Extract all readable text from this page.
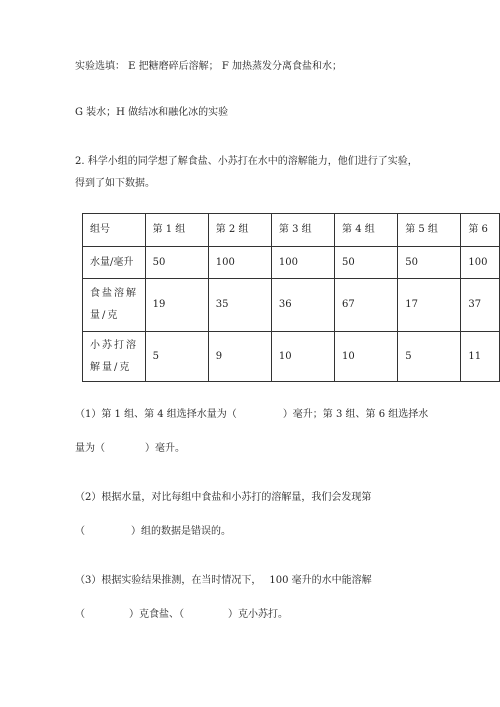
实验选填： E 把糖磨碎后溶解； F 加热蒸发分离食盐和水；
G 装水；H 做结冰和融化冰的实验
2. 科学小组的同学想了解食盐、小苏打在水中的溶解能力，他们进行了实验，
得到了如下数据。
组号	第 1 组	第 2 组	第 3 组	第 4 组	第 5 组	第 6
水量/毫升	50	100	100	50	50	100
食盐溶解量/克	19	35	36	67	17	37
小苏打溶解量/克	5	9	10	10	5	11
（1）第 1 组、第 4 组选择水量为（	）毫升；第 3 组、第 6 组选择水
量为（	）毫升。
（2）根据水量，对比每组中食盐和小苏打的溶解量，我们会发现第
（	）组的数据是错误的。
（3）根据实验结果推测，在当时情况下， 100 毫升的水中能溶解
（	）克食盐、（	）克小苏打。
